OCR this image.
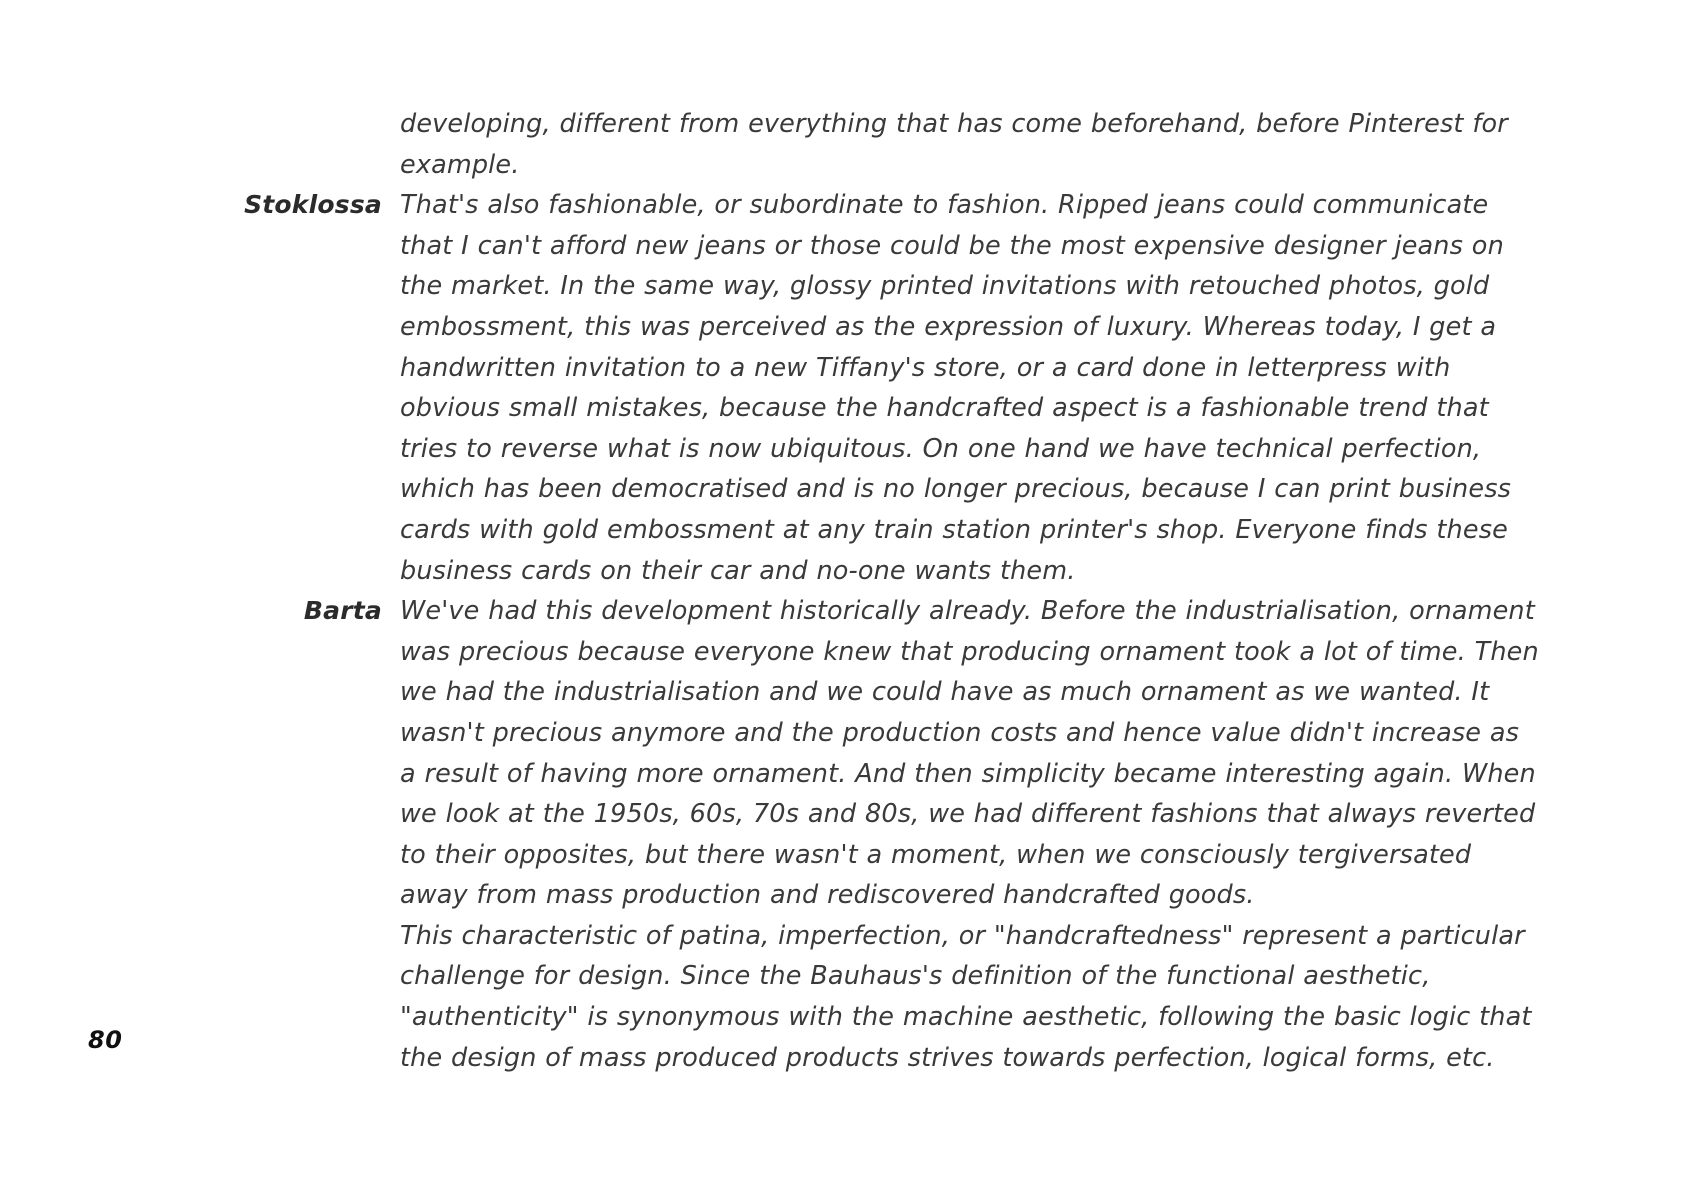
developing, different from everything that has come beforehand, before Pinterest for example.

Stoklossa That's also fashionable, or subordinate to fashion. Ripped jeans could communicate that I can't afford new jeans or those could be the most expensive designer jeans on the market. In the same way, glossy printed invitations with retouched photos, gold embossment, this was perceived as the expression of luxury. Whereas today, I get a handwritten invitation to a new Tiffany's store, or a card done in letterpress with obvious small mistakes, because the handcrafted aspect is a fashionable trend that tries to reverse what is now ubiquitous. On one hand we have technical perfection, which has been democratised and is no longer precious, because I can print business cards with gold embossment at any train station printer's shop. Everyone finds these business cards on their car and no-one wants them.

Barta We've had this development historically already. Before the industrialisation, ornament was precious because everyone knew that producing ornament took a lot of time. Then we had the industrialisation and we could have as much ornament as we wanted. It wasn't precious anymore and the production costs and hence value didn't increase as a result of having more ornament. And then simplicity became interesting again. When we look at the 1950s, 60s, 70s and 80s, we had different fashions that always reverted to their opposites, but there wasn't a moment, when we consciously tergiversated away from mass production and rediscovered handcrafted goods.

This characteristic of patina, imperfection, or "handcraftedness" represent a particular challenge for design. Since the Bauhaus's definition of the functional aesthetic, "authenticity" is synonymous with the machine aesthetic, following the basic logic that the design of mass produced products strives towards perfection, logical forms, etc.

80
